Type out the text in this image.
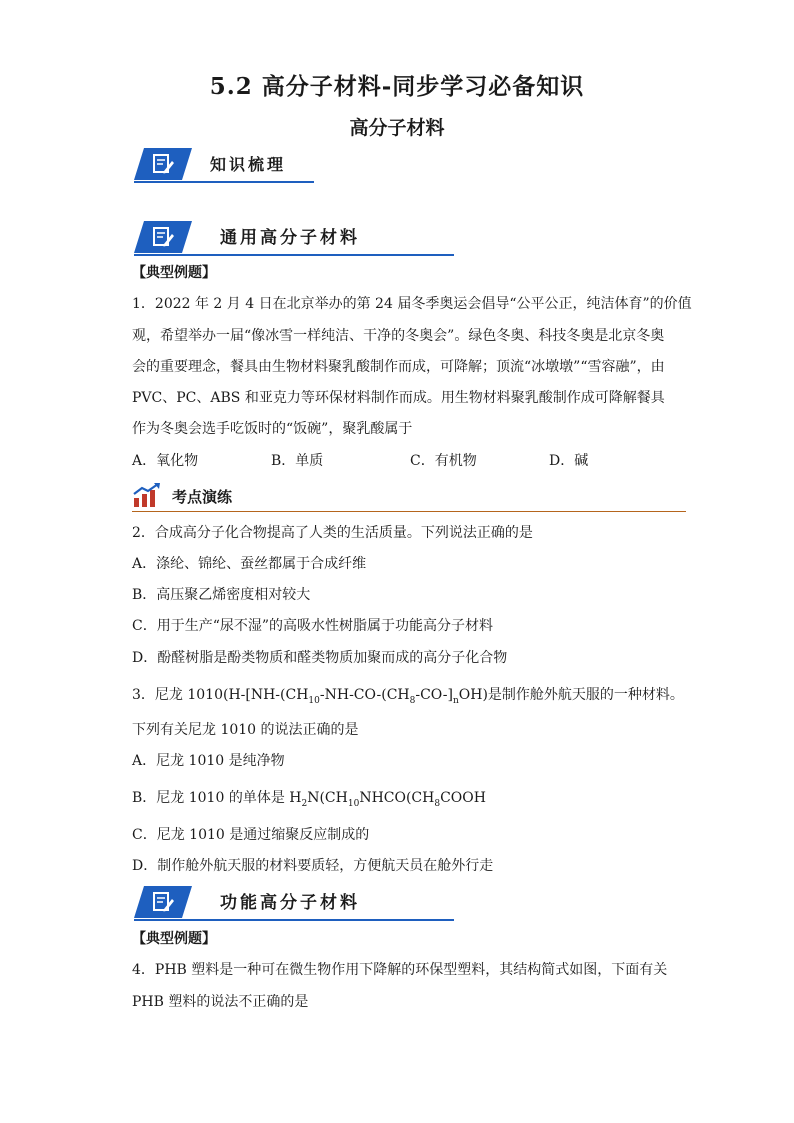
5.2 高分子材料-同步学习必备知识
高分子材料
知识梳理
通用高分子材料
【典型例题】
1．2022 年 2 月 4 日在北京举办的第 24 届冬季奥运会倡导“公平公正，纯洁体育”的价值
观，希望举办一届“像冰雪一样纯洁、干净的冬奥会”。绿色冬奥、科技冬奥是北京冬奥
会的重要理念，餐具由生物材料聚乳酸制作而成，可降解；顶流“冰墩墩”“雪容融”，由
PVC、PC、ABS 和亚克力等环保材料制作而成。用生物材料聚乳酸制作成可降解餐具
作为冬奥会选手吃饭时的“饭碗”，聚乳酸属于
A．氧化物	B．单质	C．有机物	D．碱
考点演练
2．合成高分子化合物提高了人类的生活质量。下列说法正确的是
A．涤纶、锦纶、蚕丝都属于合成纤维
B．高压聚乙烯密度相对较大
C．用于生产“尿不湿”的高吸水性树脂属于功能高分子材料
D．酚醛树脂是酚类物质和醛类物质加聚而成的高分子化合物
3．尼龙 $1010(H-[NH-(CH_{10}-NH-CO-(CH_8-CO-]_nOH)$是制作舱外航天服的一种材料。
下列有关尼龙 1010 的说法正确的是
A．尼龙 1010 是纯净物
B．尼龙 1010 的单体是 $H_2N(CH_{10}NHCO(CH_8COOH$
C．尼龙 1010 是通过缩聚反应制成的
D．制作舱外航天服的材料要质轻，方便航天员在舱外行走
功能高分子材料
【典型例题】
4．PHB 塑料是一种可在微生物作用下降解的环保型塑料，其结构简式如图，下面有关
PHB 塑料的说法不正确的是
